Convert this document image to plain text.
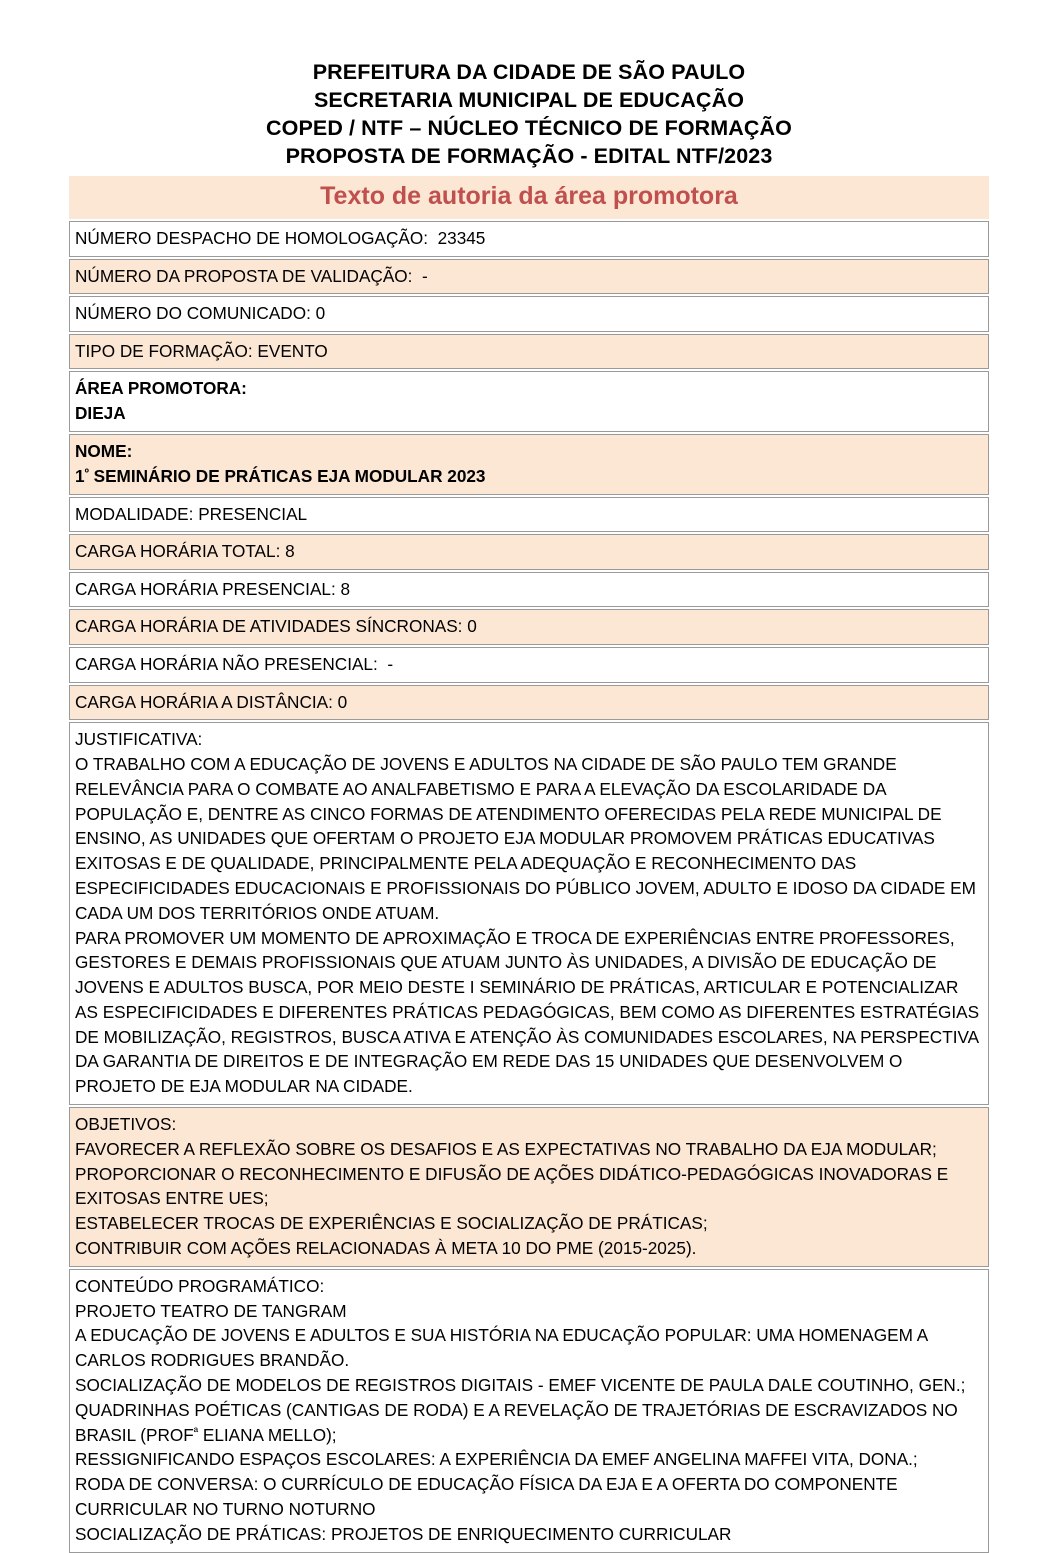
PREFEITURA DA CIDADE DE SÃO PAULO
SECRETARIA MUNICIPAL DE EDUCAÇÃO
COPED / NTF – NÚCLEO TÉCNICO DE FORMAÇÃO
PROPOSTA DE FORMAÇÃO - EDITAL NTF/2023
Texto de autoria da área promotora
NÚMERO DESPACHO DE HOMOLOGAÇÃO:  23345
NÚMERO DA PROPOSTA DE VALIDAÇÃO:  -
NÚMERO DO COMUNICADO: 0
TIPO DE FORMAÇÃO: EVENTO
ÁREA PROMOTORA:
DIEJA
NOME:
$1^º$ SEMINÁRIO DE PRÁTICAS EJA MODULAR 2023
MODALIDADE: PRESENCIAL
CARGA HORÁRIA TOTAL: 8
CARGA HORÁRIA PRESENCIAL: 8
CARGA HORÁRIA DE ATIVIDADES SÍNCRONAS: 0
CARGA HORÁRIA NÃO PRESENCIAL:  -
CARGA HORÁRIA A DISTÂNCIA: 0
JUSTIFICATIVA:
O TRABALHO COM A EDUCAÇÃO DE JOVENS E ADULTOS NA CIDADE DE SÃO PAULO TEM GRANDE RELEVÂNCIA PARA O COMBATE AO ANALFABETISMO E PARA A ELEVAÇÃO DA ESCOLARIDADE DA POPULAÇÃO E, DENTRE AS CINCO FORMAS DE ATENDIMENTO OFERECIDAS PELA REDE MUNICIPAL DE ENSINO, AS UNIDADES QUE OFERTAM O PROJETO EJA MODULAR PROMOVEM PRÁTICAS EDUCATIVAS EXITOSAS E DE QUALIDADE, PRINCIPALMENTE PELA ADEQUAÇÃO E RECONHECIMENTO DAS ESPECIFICIDADES EDUCACIONAIS E PROFISSIONAIS DO PÚBLICO JOVEM, ADULTO E IDOSO DA CIDADE EM CADA UM DOS TERRITÓRIOS ONDE ATUAM.
PARA PROMOVER UM MOMENTO DE APROXIMAÇÃO E TROCA DE EXPERIÊNCIAS ENTRE PROFESSORES, GESTORES E DEMAIS PROFISSIONAIS QUE ATUAM JUNTO ÀS UNIDADES, A DIVISÃO DE EDUCAÇÃO DE JOVENS E ADULTOS BUSCA, POR MEIO DESTE I SEMINÁRIO DE PRÁTICAS, ARTICULAR E POTENCIALIZAR AS ESPECIFICIDADES E DIFERENTES PRÁTICAS PEDAGÓGICAS, BEM COMO AS DIFERENTES ESTRATÉGIAS DE MOBILIZAÇÃO, REGISTROS, BUSCA ATIVA E ATENÇÃO ÀS COMUNIDADES ESCOLARES, NA PERSPECTIVA DA GARANTIA DE DIREITOS E DE INTEGRAÇÃO EM REDE DAS 15 UNIDADES QUE DESENVOLVEM O PROJETO DE EJA MODULAR NA CIDADE.
OBJETIVOS:
FAVORECER A REFLEXÃO SOBRE OS DESAFIOS E AS EXPECTATIVAS NO TRABALHO DA EJA MODULAR;
PROPORCIONAR O RECONHECIMENTO E DIFUSÃO DE AÇÕES DIDÁTICO-PEDAGÓGICAS INOVADORAS E EXITOSAS ENTRE UES;
ESTABELECER TROCAS DE EXPERIÊNCIAS E SOCIALIZAÇÃO DE PRÁTICAS;
CONTRIBUIR COM AÇÕES RELACIONADAS À META 10 DO PME (2015-2025).
CONTEÚDO PROGRAMÁTICO:
PROJETO TEATRO DE TANGRAM
A EDUCAÇÃO DE JOVENS E ADULTOS E SUA HISTÓRIA NA EDUCAÇÃO POPULAR: UMA HOMENAGEM A CARLOS RODRIGUES BRANDÃO.
SOCIALIZAÇÃO DE MODELOS DE REGISTROS DIGITAIS - EMEF VICENTE DE PAULA DALE COUTINHO, GEN.;
QUADRINHAS POÉTICAS (CANTIGAS DE RODA) E A REVELAÇÃO DE TRAJETÓRIAS DE ESCRAVIZADOS NO BRASIL ($PROF^ª$ ELIANA MELLO);
RESSIGNIFICANDO ESPAÇOS ESCOLARES: A EXPERIÊNCIA DA EMEF ANGELINA MAFFEI VITA, DONA.;
RODA DE CONVERSA: O CURRÍCULO DE EDUCAÇÃO FÍSICA DA EJA E A OFERTA DO COMPONENTE CURRICULAR NO TURNO NOTURNO
SOCIALIZAÇÃO DE PRÁTICAS: PROJETOS DE ENRIQUECIMENTO CURRICULAR
